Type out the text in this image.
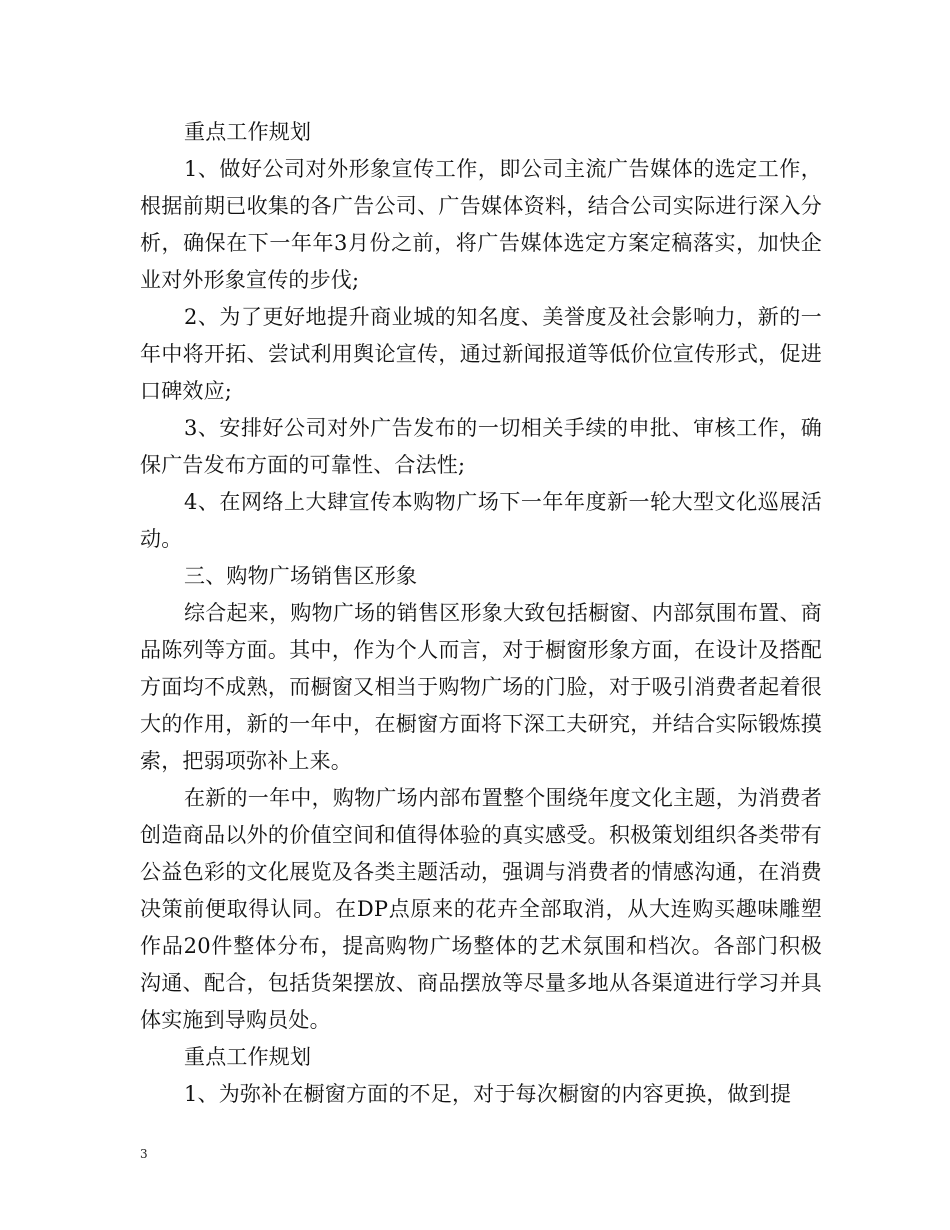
重点工作规划

1、做好公司对外形象宣传工作，即公司主流广告媒体的选定工作，根据前期已收集的各广告公司、广告媒体资料，结合公司实际进行深入分析，确保在下一年年3月份之前，将广告媒体选定方案定稿落实，加快企业对外形象宣传的步伐;

2、为了更好地提升商业城的知名度、美誉度及社会影响力，新的一年中将开拓、尝试利用舆论宣传，通过新闻报道等低价位宣传形式，促进口碑效应;

3、安排好公司对外广告发布的一切相关手续的申批、审核工作，确保广告发布方面的可靠性、合法性;

4、在网络上大肆宣传本购物广场下一年年度新一轮大型文化巡展活动。

三、购物广场销售区形象

综合起来，购物广场的销售区形象大致包括橱窗、内部氛围布置、商品陈列等方面。其中，作为个人而言，对于橱窗形象方面，在设计及搭配方面均不成熟，而橱窗又相当于购物广场的门脸，对于吸引消费者起着很大的作用，新的一年中，在橱窗方面将下深工夫研究，并结合实际锻炼摸索，把弱项弥补上来。

在新的一年中，购物广场内部布置整个围绕年度文化主题，为消费者创造商品以外的价值空间和值得体验的真实感受。积极策划组织各类带有公益色彩的文化展览及各类主题活动，强调与消费者的情感沟通，在消费决策前便取得认同。在DP点原来的花卉全部取消，从大连购买趣味雕塑作品20件整体分布，提高购物广场整体的艺术氛围和档次。各部门积极沟通、配合，包括货架摆放、商品摆放等尽量多地从各渠道进行学习并具体实施到导购员处。

重点工作规划

1、为弥补在橱窗方面的不足，对于每次橱窗的内容更换，做到提

3
